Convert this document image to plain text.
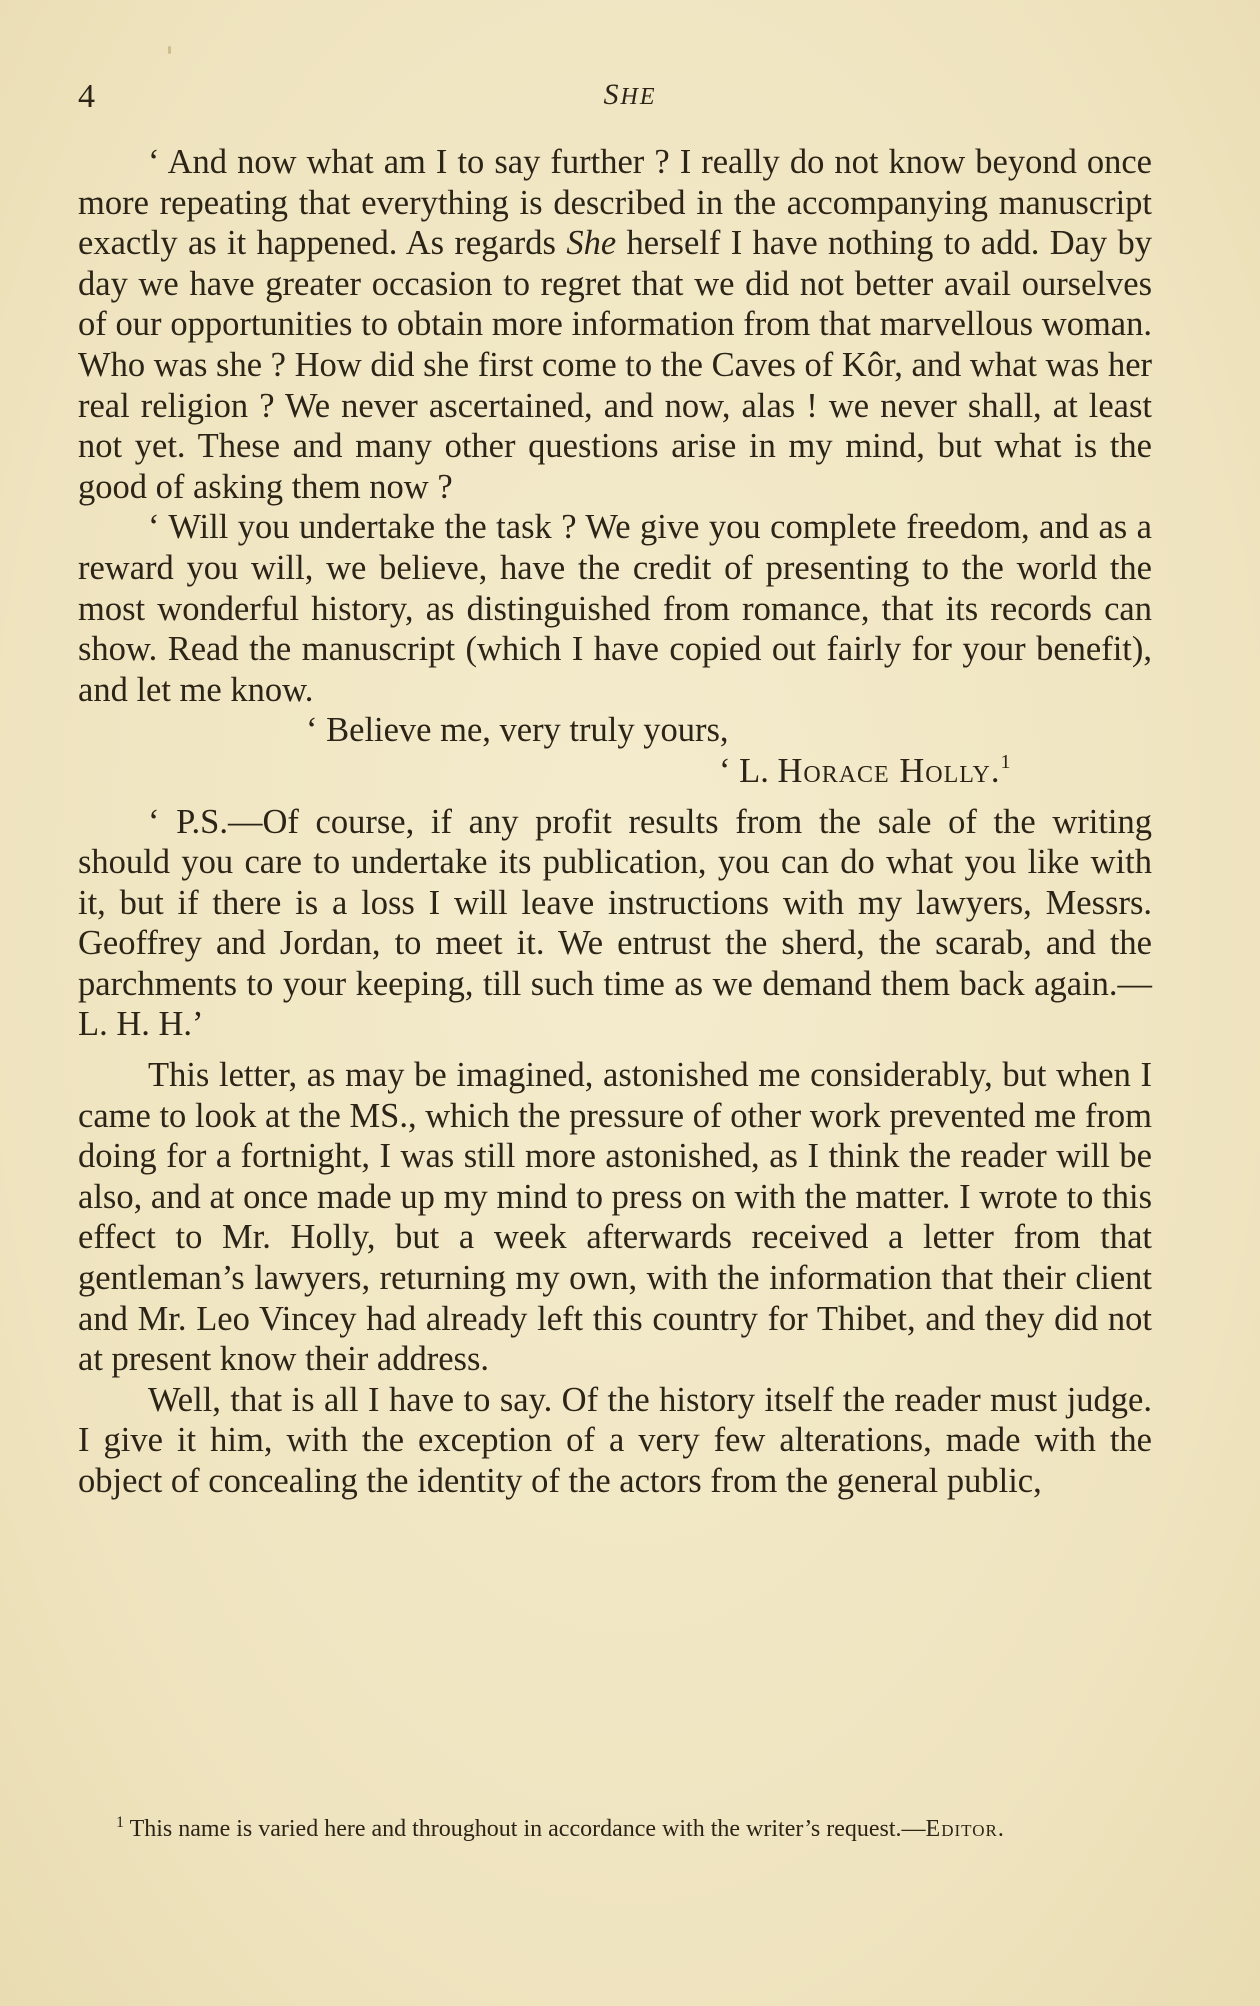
4	SHE

‘ And now what am I to say further ? I really do not know beyond once more repeating that everything is described in the accompanying manuscript exactly as it happened. As regards She herself I have nothing to add. Day by day we have greater occasion to regret that we did not better avail ourselves of our opportunities to obtain more information from that marvellous woman. Who was she ? How did she first come to the Caves of Kôr, and what was her real religion ? We never ascertained, and now, alas ! we never shall, at least not yet. These and many other questions arise in my mind, but what is the good of asking them now ?

‘ Will you undertake the task ? We give you complete freedom, and as a reward you will, we believe, have the credit of presenting to the world the most wonderful history, as distinguished from romance, that its records can show. Read the manuscript (which I have copied out fairly for your benefit), and let me know.

‘ Believe me, very truly yours,

‘ L. Horace Holly.$^1$

‘ P.S.—Of course, if any profit results from the sale of the writing should you care to undertake its publication, you can do what you like with it, but if there is a loss I will leave instructions with my lawyers, Messrs. Geoffrey and Jordan, to meet it. We entrust the sherd, the scarab, and the parchments to your keeping, till such time as we demand them back again.—L. H. H.’

This letter, as may be imagined, astonished me considerably, but when I came to look at the MS., which the pressure of other work prevented me from doing for a fortnight, I was still more astonished, as I think the reader will be also, and at once made up my mind to press on with the matter. I wrote to this effect to Mr. Holly, but a week afterwards received a letter from that gentleman’s lawyers, returning my own, with the information that their client and Mr. Leo Vincey had already left this country for Thibet, and they did not at present know their address.

Well, that is all I have to say. Of the history itself the reader must judge. I give it him, with the exception of a very few alterations, made with the object of concealing the identity of the actors from the general public,

$^1$ This name is varied here and throughout in accordance with the writer’s request.—Editor.
